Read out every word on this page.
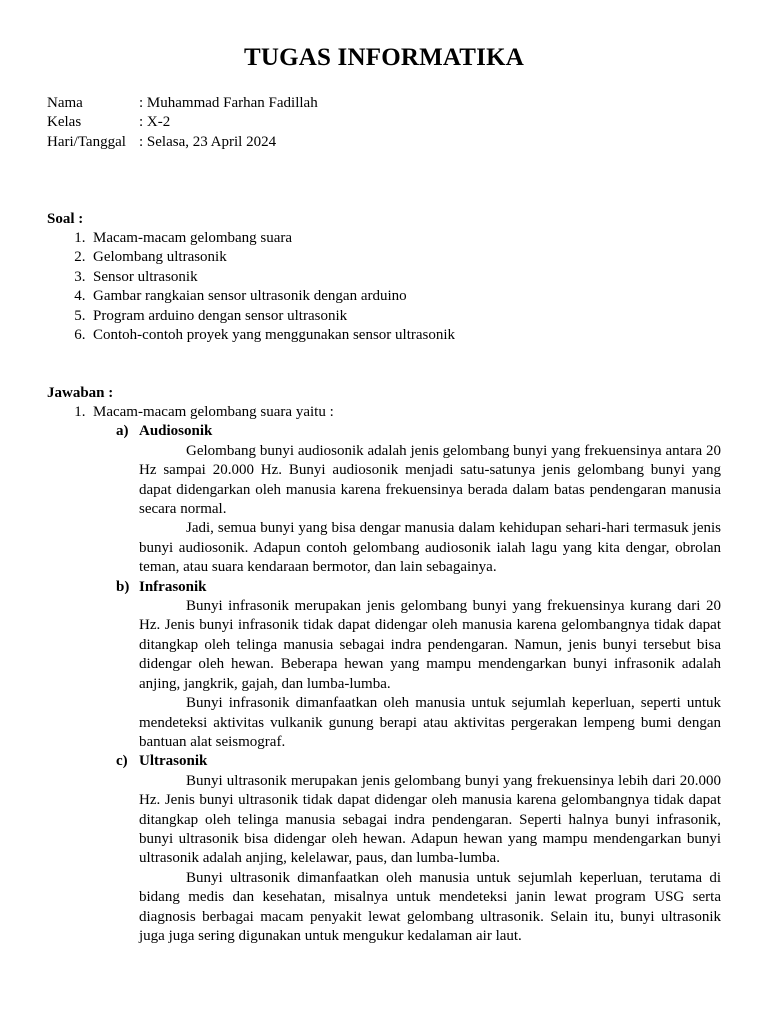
TUGAS INFORMATIKA
Nama	: Muhammad Farhan Fadillah
Kelas	: X-2
Hari/Tanggal : Selasa, 23 April 2024
Soal :
1. Macam-macam gelombang suara
2. Gelombang ultrasonik
3. Sensor ultrasonik
4. Gambar rangkaian sensor ultrasonik dengan arduino
5. Program arduino dengan sensor ultrasonik
6. Contoh-contoh proyek yang menggunakan sensor ultrasonik
Jawaban :
1. Macam-macam gelombang suara yaitu :
a) Audiosonik

Gelombang bunyi audiosonik adalah jenis gelombang bunyi yang frekuensinya antara 20 Hz sampai 20.000 Hz. Bunyi audiosonik menjadi satu-satunya jenis gelombang bunyi yang dapat didengarkan oleh manusia karena frekuensinya berada dalam batas pendengaran manusia secara normal.

Jadi, semua bunyi yang bisa dengar manusia dalam kehidupan sehari-hari termasuk jenis bunyi audiosonik. Adapun contoh gelombang audiosonik ialah lagu yang kita dengar, obrolan teman, atau suara kendaraan bermotor, dan lain sebagainya.

b) Infrasonik

Bunyi infrasonik merupakan jenis gelombang bunyi yang frekuensinya kurang dari 20 Hz. Jenis bunyi infrasonik tidak dapat didengar oleh manusia karena gelombangnya tidak dapat ditangkap oleh telinga manusia sebagai indra pendengaran. Namun, jenis bunyi tersebut bisa didengar oleh hewan. Beberapa hewan yang mampu mendengarkan bunyi infrasonik adalah anjing, jangkrik, gajah, dan lumba-lumba.

Bunyi infrasonik dimanfaatkan oleh manusia untuk sejumlah keperluan, seperti untuk mendeteksi aktivitas vulkanik gunung berapi atau aktivitas pergerakan lempeng bumi dengan bantuan alat seismograf.

c) Ultrasonik

Bunyi ultrasonik merupakan jenis gelombang bunyi yang frekuensinya lebih dari 20.000 Hz. Jenis bunyi ultrasonik tidak dapat didengar oleh manusia karena gelombangnya tidak dapat ditangkap oleh telinga manusia sebagai indra pendengaran. Seperti halnya bunyi infrasonik, bunyi ultrasonik bisa didengar oleh hewan. Adapun hewan yang mampu mendengarkan bunyi ultrasonik adalah anjing, kelelawar, paus, dan lumba-lumba.

Bunyi ultrasonik dimanfaatkan oleh manusia untuk sejumlah keperluan, terutama di bidang medis dan kesehatan, misalnya untuk mendeteksi janin lewat program USG serta diagnosis berbagai macam penyakit lewat gelombang ultrasonik. Selain itu, bunyi ultrasonik juga juga sering digunakan untuk mengukur kedalaman air laut.
